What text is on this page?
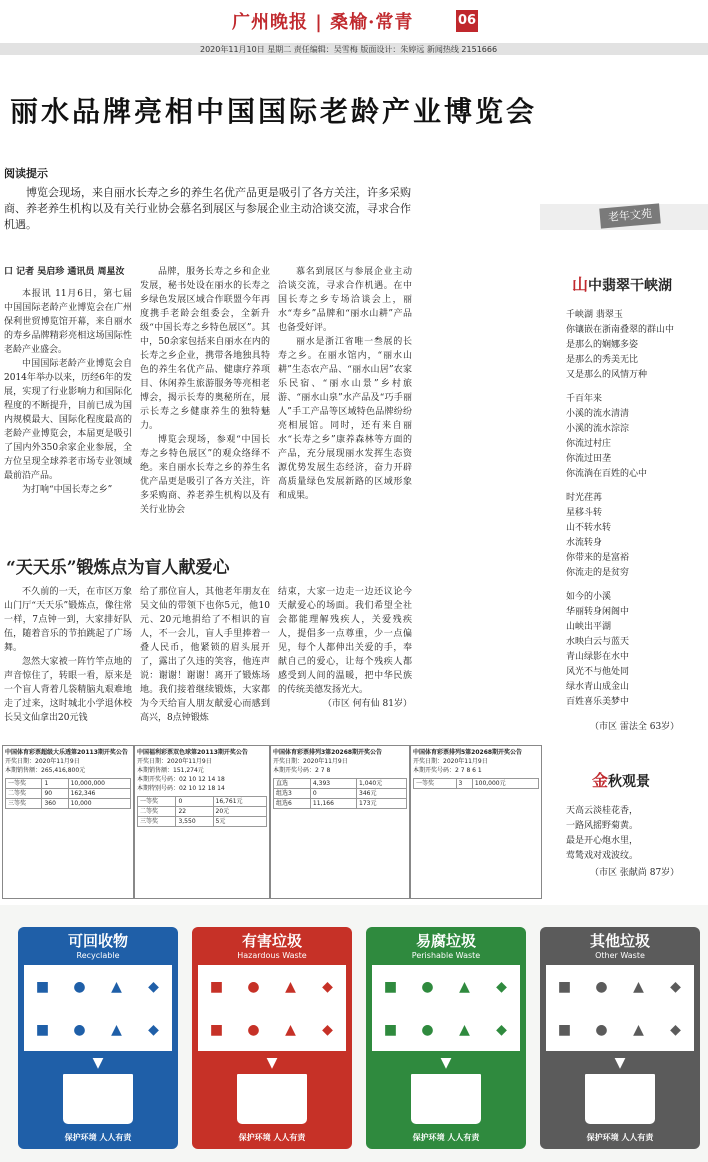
广州晚报 | 桑榆·常青	06
2020年11月10日 星期二 责任编辑：吴雪梅 版面设计：朱婷远 新闻热线 2151666
丽水品牌亮相中国国际老龄产业博览会
阅读提示
博览会现场，来自丽水长寿之乡的养生名优产品更是吸引了各方关注，许多采购商、养老养生机构以及有关行业协会慕名到展区与参展企业主动洽谈交流，寻求合作机遇。

口 记者 吴启珍 通讯员 周星汝

本报讯 11月6日，第七届中国国际老龄产业博览会在广州保利世贸博览馆开幕，来自丽水的寿乡品牌精彩亮相这场国际性老龄产业盛会。

中国国际老龄产业博览会自2014年举办以来，历经6年的发展，实现了行业影响力和国际化程度的不断提升，目前已成为国内规模最大、国际化程度最高的老龄产业博览会，本届更是吸引了国内外350余家企业参展，全方位呈现全球养老市场专业领域最前沿产品。

为打响“中国长寿之乡”

品牌，服务长寿之乡和企业发展，秘书处设在丽水的长寿之乡绿色发展区域合作联盟今年再度携手老龄会组委会，全新升级“中国长寿之乡特色展区”。其中，50余家包括来自丽水在内的长寿之乡企业，携带各地独具特色的养生名优产品、健康疗养项目、休闲养生旅游服务等亮相老博会，揭示长寿的奥秘所在，展示长寿之乡健康养生的独特魅力。

博览会现场，参观“中国长寿之乡特色展区”的观众络绎不绝。来自丽水长寿之乡的养生名优产品更是吸引了各方关注，许多采购商、养老养生机构以及有关行业协会

慕名到展区与参展企业主动洽谈交流，寻求合作机遇。在中国长寿之乡专场洽谈会上，丽水“寿乡”品牌和“丽水山耕”产品也备受好评。

丽水是浙江省唯一叁展的长寿之乡。在丽水馆内，“丽水山耕”生态农产品、“丽水山居”农家乐民宿、“丽水山景”乡村旅游、“丽水山泉”水产品及“巧手丽人”手工产品等区域特色品牌纷纷亮相展馆。同时，还有来自丽水“长寿之乡”康养森林等方面的产品，充分展现丽水发挥生态资源优势发展生态经济，奋力开辟高质量绿色发展新路的区域形象和成果。

“天天乐”锻炼点为盲人献爱心

不久前的一天，在市区万象山门厅“天天乐”锻炼点，像往常一样，7点钟一到，大家排好队伍，随着音乐的节拍跳起了广场舞。

忽然大家被一阵竹竿点地的声音惊住了，转眼一看，原来是一个盲人背着几袋精脑丸艰难地走了过来，这时城北小学退休校长吴文仙拿出20元钱

给了那位盲人，其他老年朋友在吴文仙的带领下也你5元，他10元、20元地捐给了不相识的盲人，不一会儿，盲人手里捧着一叠人民币，他紧锁的眉头展开了，露出了久违的笑容，他连声说：谢谢！谢谢！离开了锻炼场地。我们接着继续锻炼，大家都为今天给盲人朋友献爱心而感到高兴，8点钟锻炼

结束，大家一边走一边还议论今天献爱心的场面。我们希望全社会都能理解残疾人，关爱残疾人，提倡多一点尊重，少一点偏见，每个人都伸出关爱的手，奉献自己的爱心，让每个残疾人都感受到人间的温暖，把中华民族的传统美德发扬光大。

（市区 何有仙 81岁）

中国体育彩票超级大乐透第20113期开奖公告
开奖日期：2020年11月9日
本期销售额：265,416,800元
一等奖	1	10,000,000
二等奖	90	162,346
三等奖	360	10,000
中国福利彩票双色球第20113期开奖公告
开奖日期：2020年11月9日
本期销售额：151,274元
本期开奖号码：02 10 12 14 18
本期特别号码：02 10 12 18 14
一等奖	0	16,761元
二等奖	22	20元
三等奖	3,550	5元
中国体育彩票排列3第20268期开奖公告
开奖日期：2020年11月9日
本期开奖号码：2 7 8
直选	4,393	1,040元
组选3	0	346元
组选6	11,166	173元
中国体育彩票排列5第20268期开奖公告
开奖日期：2020年11月9日
本期开奖号码：2 7 8 6 1
一等奖	3	100,000元
老年文苑
山中翡翠干峡湖
千峡湖 翡翠玉
你镶嵌在浙南叠翠的群山中
是那么的娴娜多姿
是那么的秀美无比
又是那么的风情万种
千百年来
小溪的流水清清
小溪的流水淙淙
你流过村庄
你流过田垄
你流淌在百姓的心中
时光荏苒
星移斗转
山不转水转
水流转身
你带来的是富裕
你流走的是贫穷
如今的小溪
华丽转身闲阁中
山峡出平湖
水映白云与蓝天
青山绿影在水中
风光不与他处同
绿水青山成金山
百姓喜乐美梦中
（市区 雷法全 63岁）
金秋观景
天高云淡桂花香，
一路风摇野菊黄。
最是开心炮水里，
莺鸶戏对戏波纹。
（市区 张献尚 87岁）
可回收物
Recyclable
■	●	▲	◆
■	●	▲	◆
▼
保护环境 人人有责
有害垃圾
Hazardous Waste
■	●	▲	◆
■	●	▲	◆
▼
保护环境 人人有责
易腐垃圾
Perishable Waste
■	●	▲	◆
■	●	▲	◆
▼
保护环境 人人有责
其他垃圾
Other Waste
■	●	▲	◆
■	●	▲	◆
▼
保护环境 人人有责
